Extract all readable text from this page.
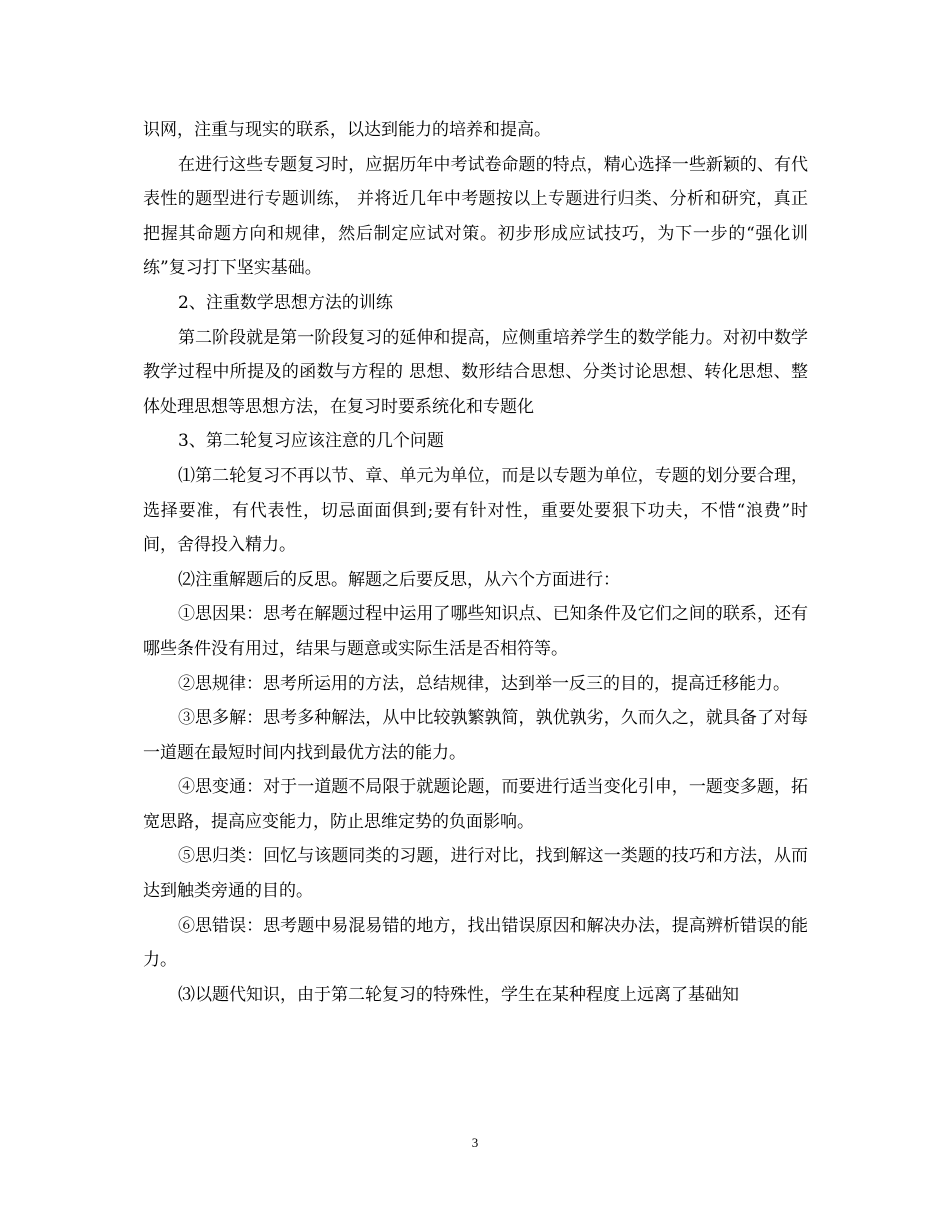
识网，注重与现实的联系，以达到能力的培养和提高。

在进行这些专题复习时，应据历年中考试卷命题的特点，精心选择一些新颖的、有代表性的题型进行专题训练， 并将近几年中考题按以上专题进行归类、分析和研究，真正把握其命题方向和规律，然后制定应试对策。初步形成应试技巧，为下一步的“强化训练”复习打下坚实基础。

2、注重数学思想方法的训练

第二阶段就是第一阶段复习的延伸和提高，应侧重培养学生的数学能力。对初中数学教学过程中所提及的函数与方程的 思想、数形结合思想、分类讨论思想、转化思想、整体处理思想等思想方法，在复习时要系统化和专题化

3、第二轮复习应该注意的几个问题

⑴第二轮复习不再以节、章、单元为单位，而是以专题为单位，专题的划分要合理，选择要准，有代表性，切忌面面俱到;要有针对性，重要处要狠下功夫，不惜“浪费”时间，舍得投入精力。

⑵注重解题后的反思。解题之后要反思，从六个方面进行：

①思因果：思考在解题过程中运用了哪些知识点、已知条件及它们之间的联系，还有哪些条件没有用过，结果与题意或实际生活是否相符等。

②思规律：思考所运用的方法，总结规律，达到举一反三的目的，提高迁移能力。

③思多解：思考多种解法，从中比较孰繁孰简，孰优孰劣，久而久之，就具备了对每一道题在最短时间内找到最优方法的能力。

④思变通：对于一道题不局限于就题论题，而要进行适当变化引申，一题变多题，拓宽思路，提高应变能力，防止思维定势的负面影响。

⑤思归类：回忆与该题同类的习题，进行对比，找到解这一类题的技巧和方法，从而达到触类旁通的目的。

⑥思错误：思考题中易混易错的地方，找出错误原因和解决办法，提高辨析错误的能力。

⑶以题代知识，由于第二轮复习的特殊性，学生在某种程度上远离了基础知

3
